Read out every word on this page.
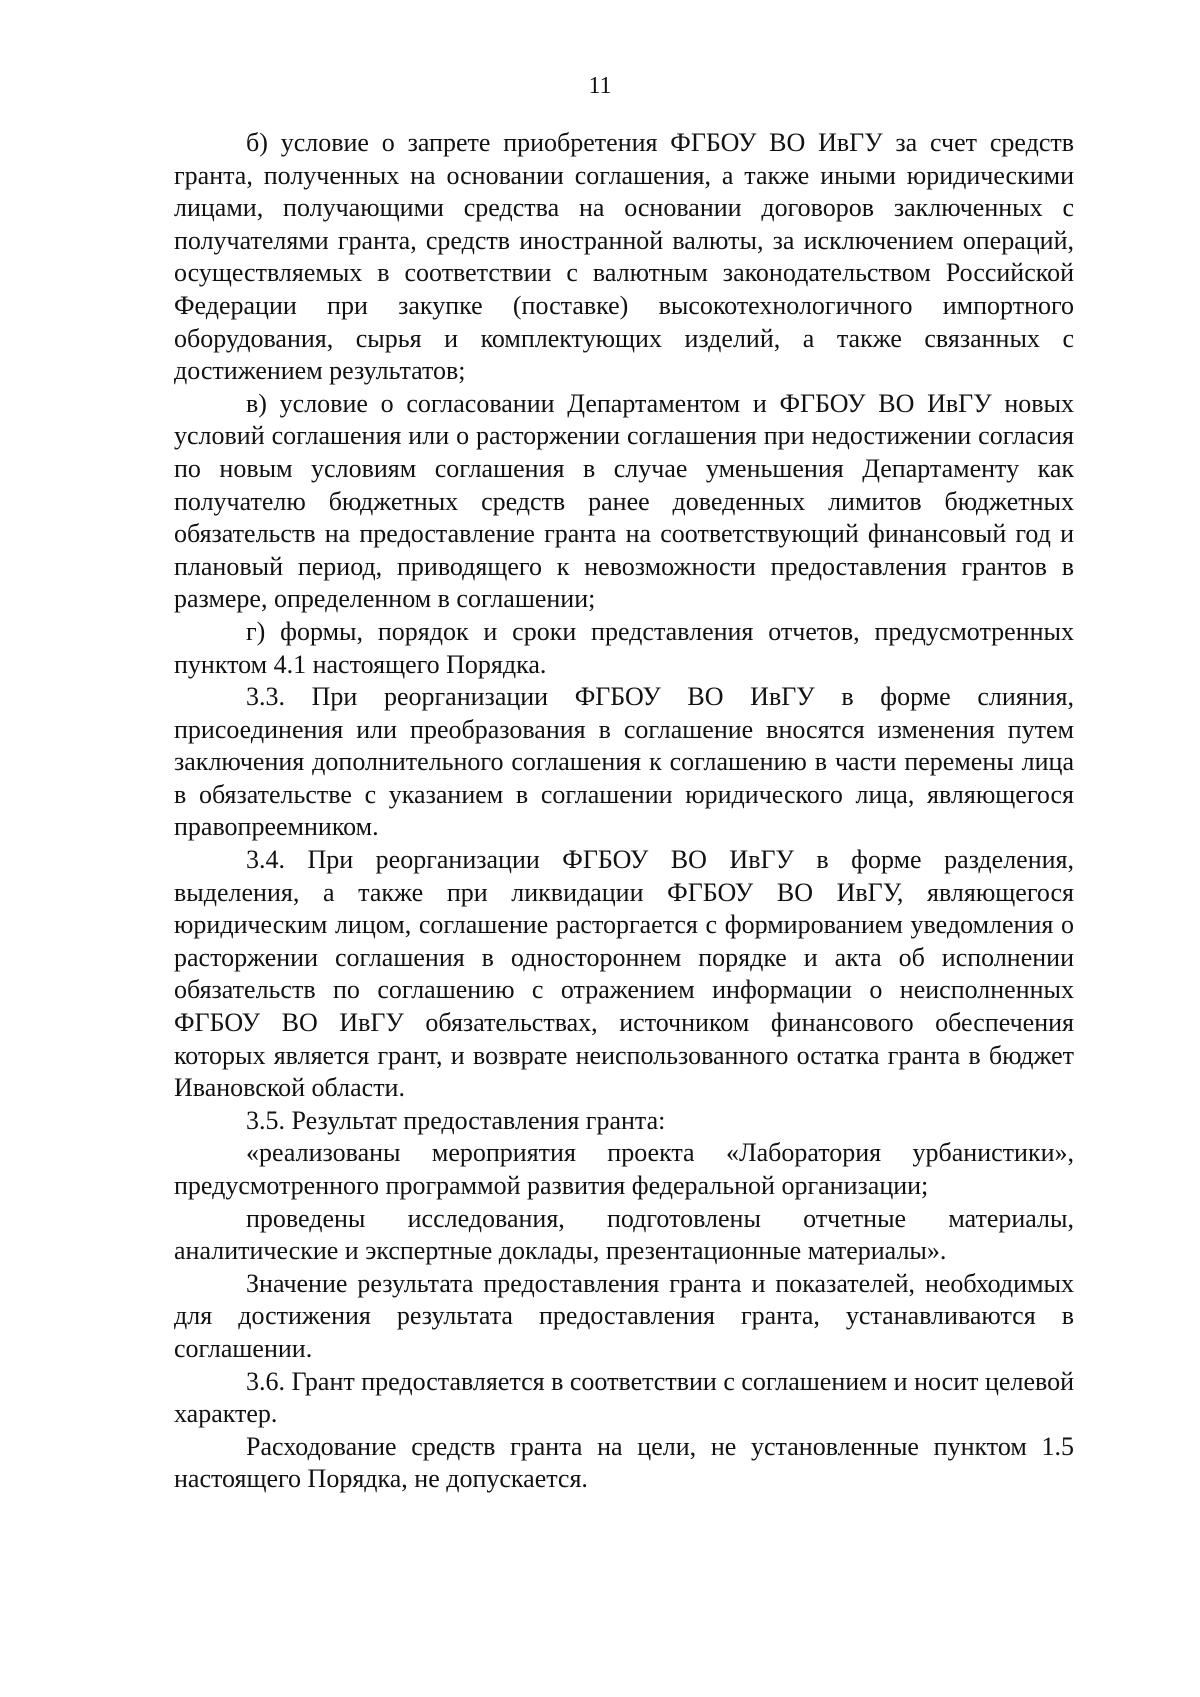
11

б) условие о запрете приобретения ФГБОУ ВО ИвГУ за счет средств гранта, полученных на основании соглашения, а также иными юридическими лицами, получающими средства на основании договоров заключенных с получателями гранта, средств иностранной валюты, за исключением операций, осуществляемых в соответствии с валютным законодательством Российской Федерации при закупке (поставке) высокотехнологичного импортного оборудования, сырья и комплектующих изделий, а также связанных с достижением результатов;

в) условие о согласовании Департаментом и ФГБОУ ВО ИвГУ новых условий соглашения или о расторжении соглашения при недостижении согласия по новым условиям соглашения в случае уменьшения Департаменту как получателю бюджетных средств ранее доведенных лимитов бюджетных обязательств на предоставление гранта на соответствующий финансовый год и плановый период, приводящего к невозможности предоставления грантов в размере, определенном в соглашении;

г) формы, порядок и сроки представления отчетов, предусмотренных пунктом 4.1 настоящего Порядка.

3.3. При реорганизации ФГБОУ ВО ИвГУ в форме слияния, присоединения или преобразования в соглашение вносятся изменения путем заключения дополнительного соглашения к соглашению в части перемены лица в обязательстве с указанием в соглашении юридического лица, являющегося правопреемником.

3.4. При реорганизации ФГБОУ ВО ИвГУ в форме разделения, выделения, а также при ликвидации ФГБОУ ВО ИвГУ, являющегося юридическим лицом, соглашение расторгается с формированием уведомления о расторжении соглашения в одностороннем порядке и акта об исполнении обязательств по соглашению с отражением информации о неисполненных ФГБОУ ВО ИвГУ обязательствах, источником финансового обеспечения которых является грант, и возврате неиспользованного остатка гранта в бюджет Ивановской области.

3.5. Результат предоставления гранта:

«реализованы мероприятия проекта «Лаборатория урбанистики», предусмотренного программой развития федеральной организации;

проведены исследования, подготовлены отчетные материалы, аналитические и экспертные доклады, презентационные материалы».

Значение результата предоставления гранта и показателей, необходимых для достижения результата предоставления гранта, устанавливаются в соглашении.

3.6. Грант предоставляется в соответствии с соглашением и носит целевой характер.

Расходование средств гранта на цели, не установленные пунктом 1.5 настоящего Порядка, не допускается.
